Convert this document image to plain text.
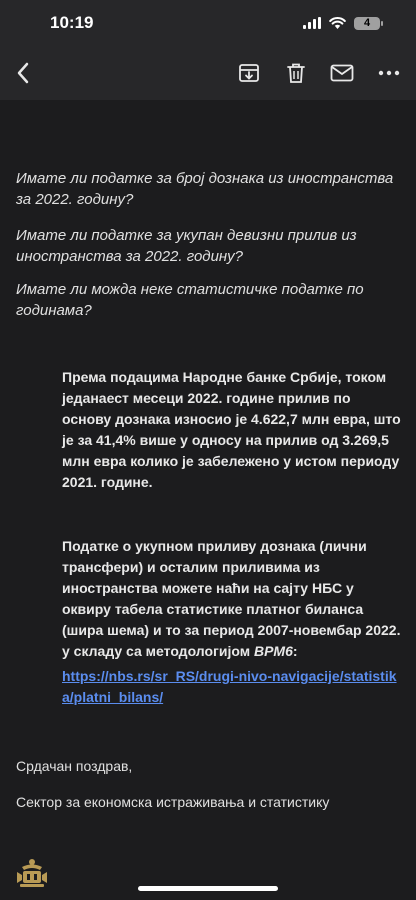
10:19	4
Имате ли податке за број дознака из иностранства за 2022. годину?
Имате ли податке за укупан девизни прилив из иностранства за 2022. годину?
Имате ли можда неке статистичке податке по годинама?
Према подацима Народне банке Србије, током једанаест месеци 2022. године прилив по основу дознака износио је 4.622,7 млн евра, што је за 41,4% више у односу на прилив од 3.269,5 млн евра колико је забележено у истом периоду 2021. године.
Податке о укупном приливу дознака (лични трансфери) и осталим приливима из иностранства можете наћи на сајту НБС у оквиру табела статистике платног биланса (шира шема) и то за период 2007-новембар 2022. у складу са методологијом BPM6:
https://nbs.rs/sr_RS/drugi-nivo-navigacije/statistika/platni_bilans/
Срдачан поздрав,
Сектор за економска истраживања и статистику
